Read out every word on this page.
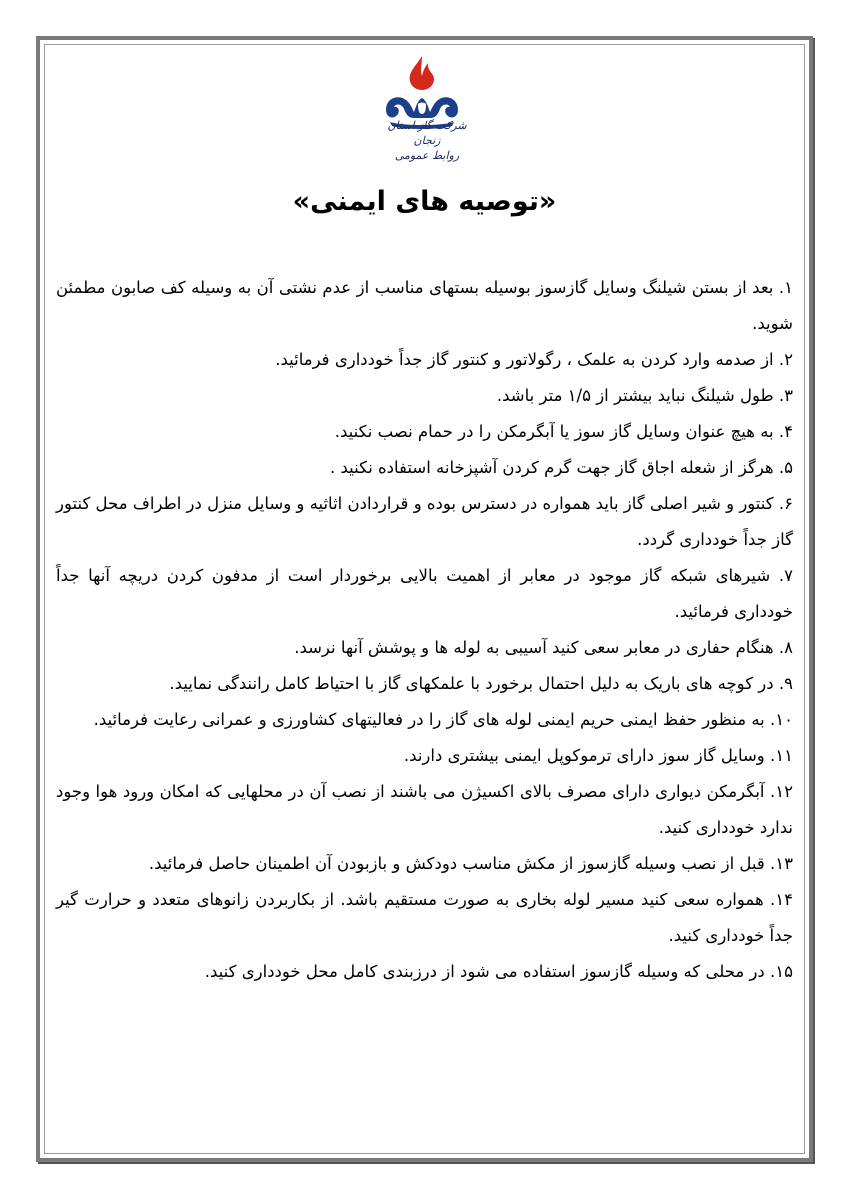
شرکت گاز استان زنجان
روابط عمومی
«توصیه های ایمنی»

۱. بعد از بستن شیلنگ وسایل گازسوز بوسیله بستهای مناسب از عدم نشتی آن به وسیله کف صابون مطمئن شوید.

۲. از صدمه وارد کردن به علمک ، رگولاتور و کنتور گاز جداً خودداری فرمائید.

۳. طول شیلنگ نباید بیشتر از ۱/۵ متر باشد.

۴. به هیچ عنوان وسایل گاز سوز یا آبگرمکن را در حمام نصب نکنید.

۵. هرگز از شعله اجاق گاز جهت گرم کردن آشپزخانه استفاده نکنید .

۶. کنتور و شیر اصلی گاز باید همواره در دسترس بوده و قراردادن اثاثیه و وسایل منزل در اطراف محل کنتور گاز جداً خودداری گردد.

۷. شیرهای شبکه گاز موجود در معابر از اهمیت بالایی برخوردار است از مدفون کردن دریچه آنها جداً خودداری فرمائید.

۸. هنگام حفاری در معابر سعی کنید آسیبی به لوله ها و پوشش آنها نرسد.

۹. در کوچه های باریک به دلیل احتمال برخورد با علمکهای گاز با احتیاط کامل رانندگی نمایید.

۱۰. به منظور حفظ ایمنی حریم ایمنی لوله های گاز را در فعالیتهای کشاورزی و عمرانی رعایت فرمائید.

۱۱. وسایل گاز سوز دارای ترموکوپل ایمنی بیشتری دارند.

۱۲. آبگرمکن دیواری دارای مصرف بالای اکسیژن می باشند از نصب آن در محلهایی که امکان ورود هوا وجود ندارد خودداری کنید.

۱۳. قبل از نصب وسیله گازسوز از مکش مناسب دودکش و بازبودن آن اطمینان حاصل فرمائید.

۱۴. همواره سعی کنید مسیر لوله بخاری به صورت مستقیم باشد. از بکاربردن زانوهای متعدد و حرارت گیر جداً خودداری کنید.

۱۵. در محلی که وسیله گازسوز استفاده می شود از درزبندی کامل محل خودداری کنید.
